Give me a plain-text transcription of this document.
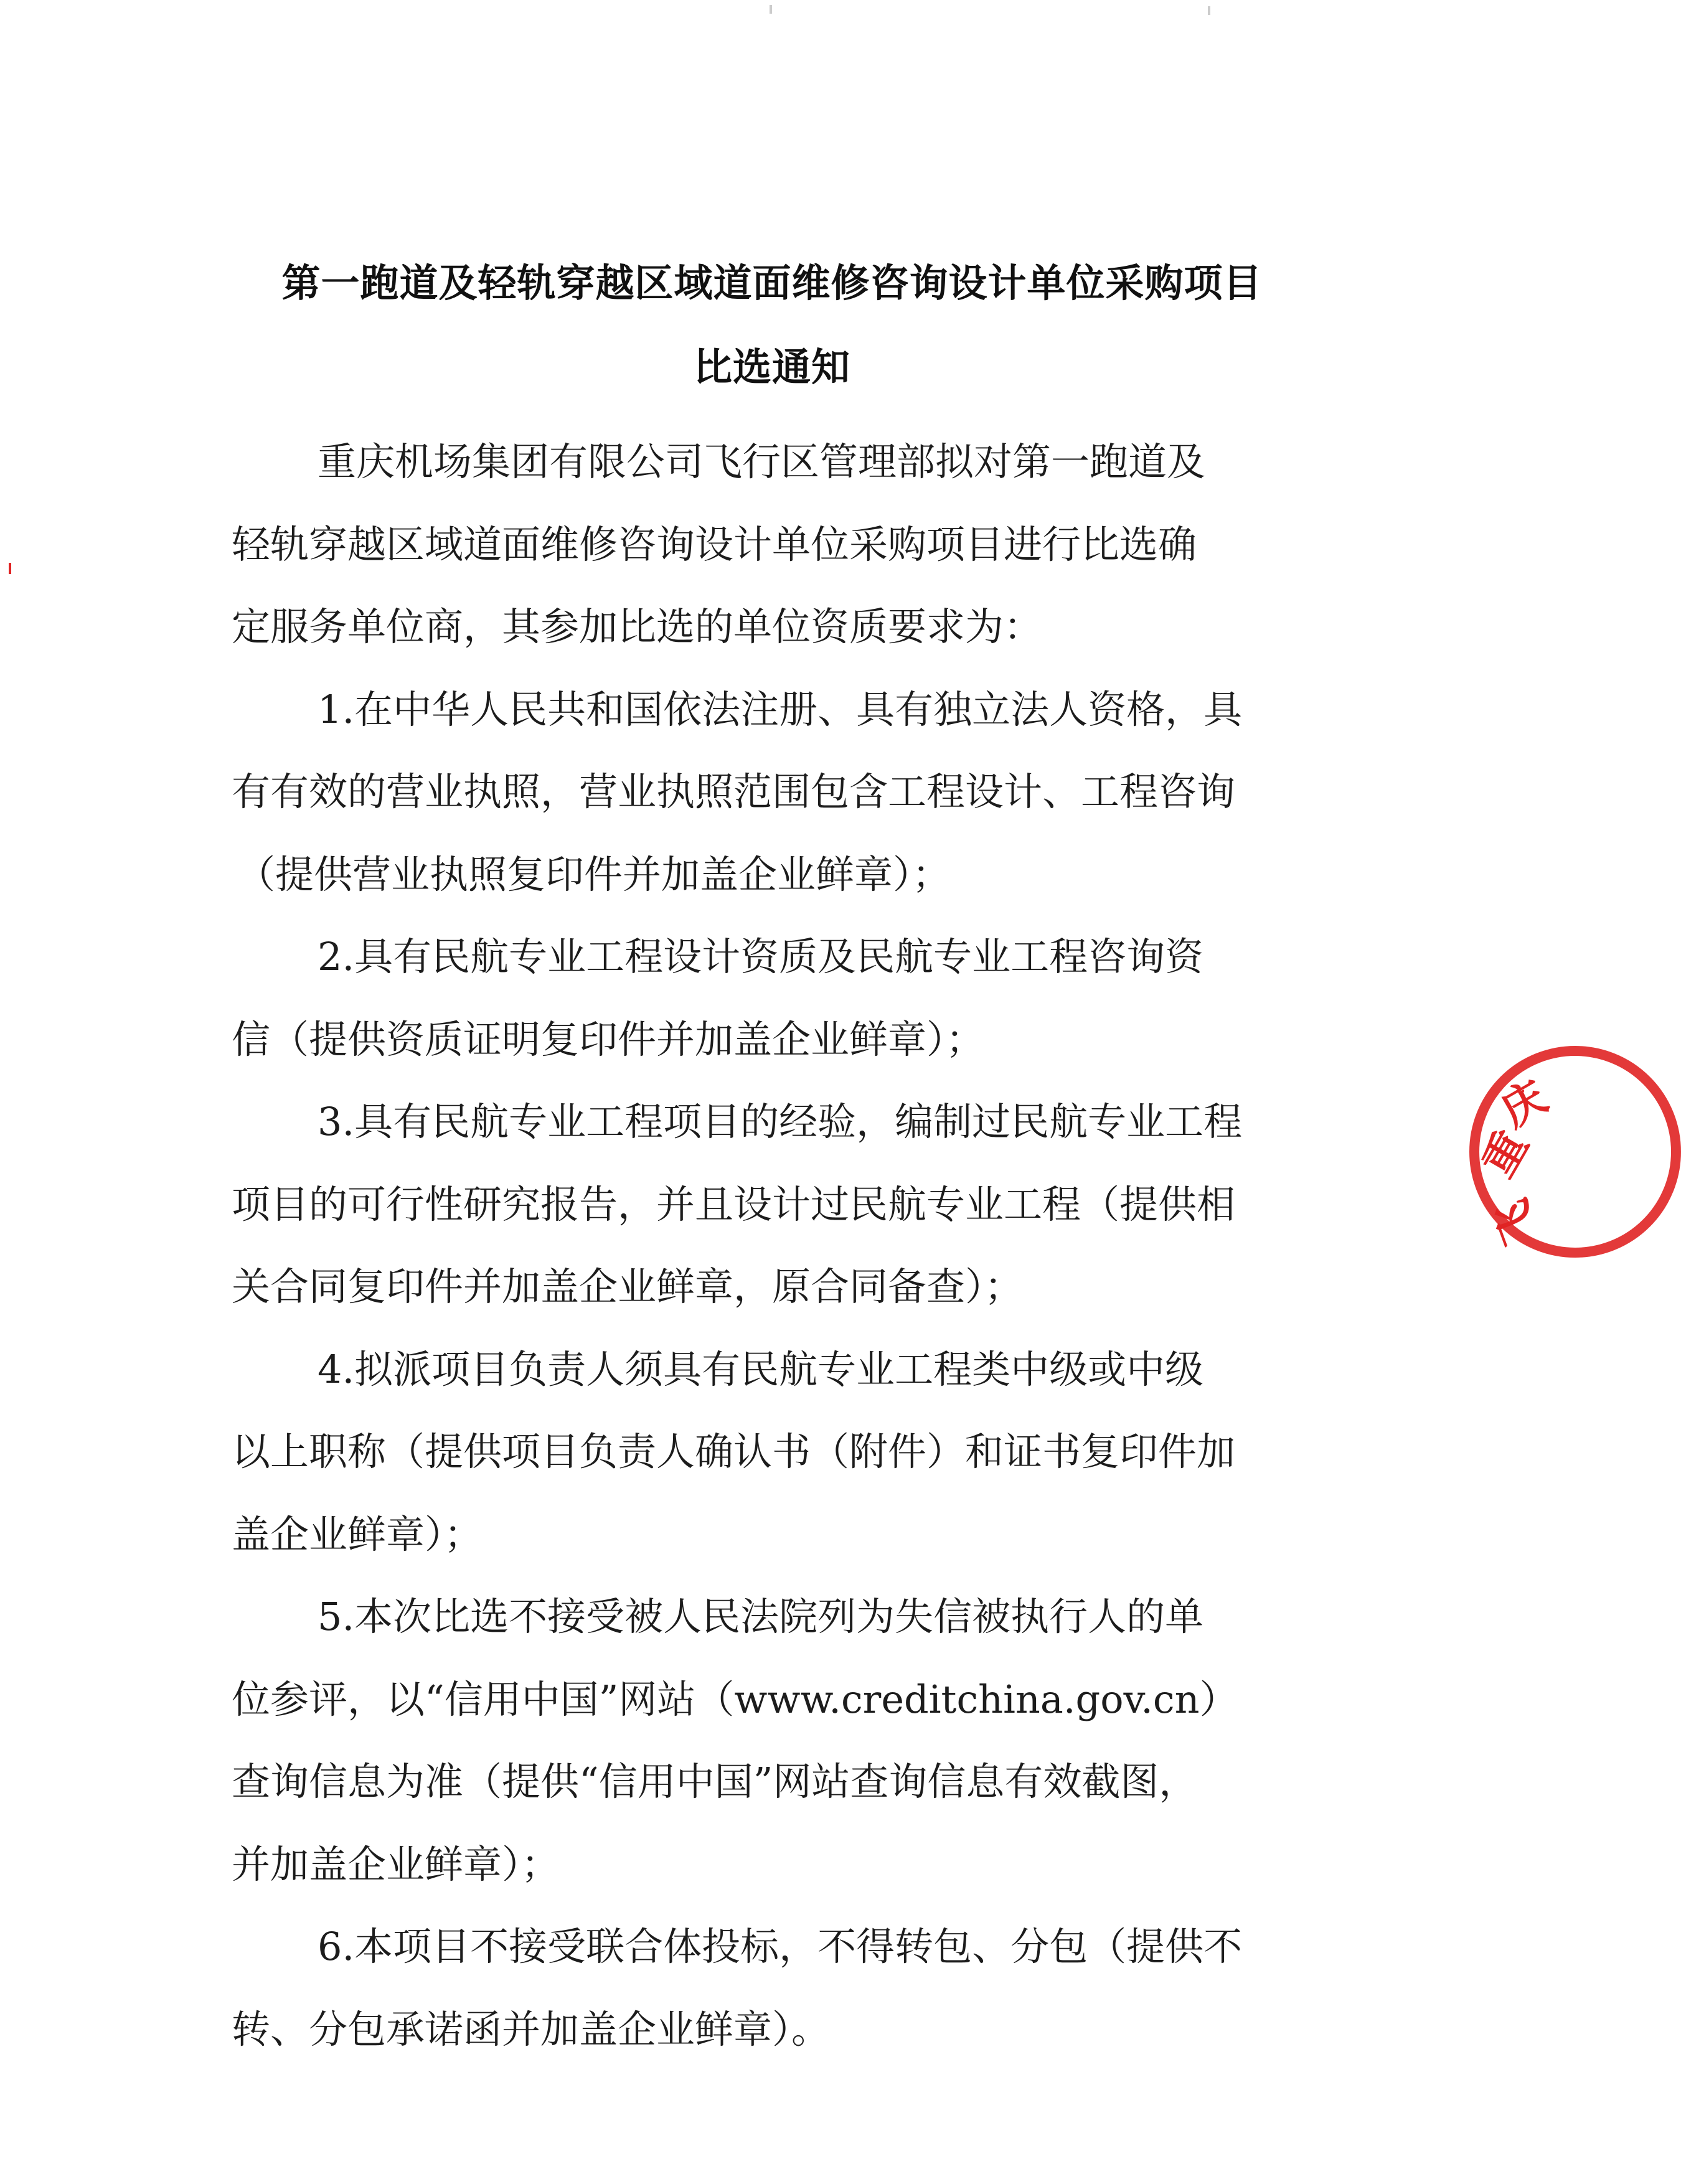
第一跑道及轻轨穿越区域道面维修咨询设计单位采购项目
比选通知
重庆机场集团有限公司飞行区管理部拟对第一跑道及
轻轨穿越区域道面维修咨询设计单位采购项目进行比选确
定服务单位商，其参加比选的单位资质要求为：
1.在中华人民共和国依法注册、具有独立法人资格，具
有有效的营业执照，营业执照范围包含工程设计、工程咨询
（提供营业执照复印件并加盖企业鲜章）；
2.具有民航专业工程设计资质及民航专业工程咨询资
信（提供资质证明复印件并加盖企业鲜章）；
3.具有民航专业工程项目的经验，编制过民航专业工程
项目的可行性研究报告，并且设计过民航专业工程（提供相
关合同复印件并加盖企业鲜章，原合同备查）；
4.拟派项目负责人须具有民航专业工程类中级或中级
以上职称（提供项目负责人确认书（附件）和证书复印件加
盖企业鲜章）；
5.本次比选不接受被人民法院列为失信被执行人的单
位参评，以“信用中国”网站（www.creditchina.gov.cn）
查询信息为准（提供“信用中国”网站查询信息有效截图，
并加盖企业鲜章）；
6.本项目不接受联合体投标，不得转包、分包（提供不
转、分包承诺函并加盖企业鲜章）。
重
庆
飞
